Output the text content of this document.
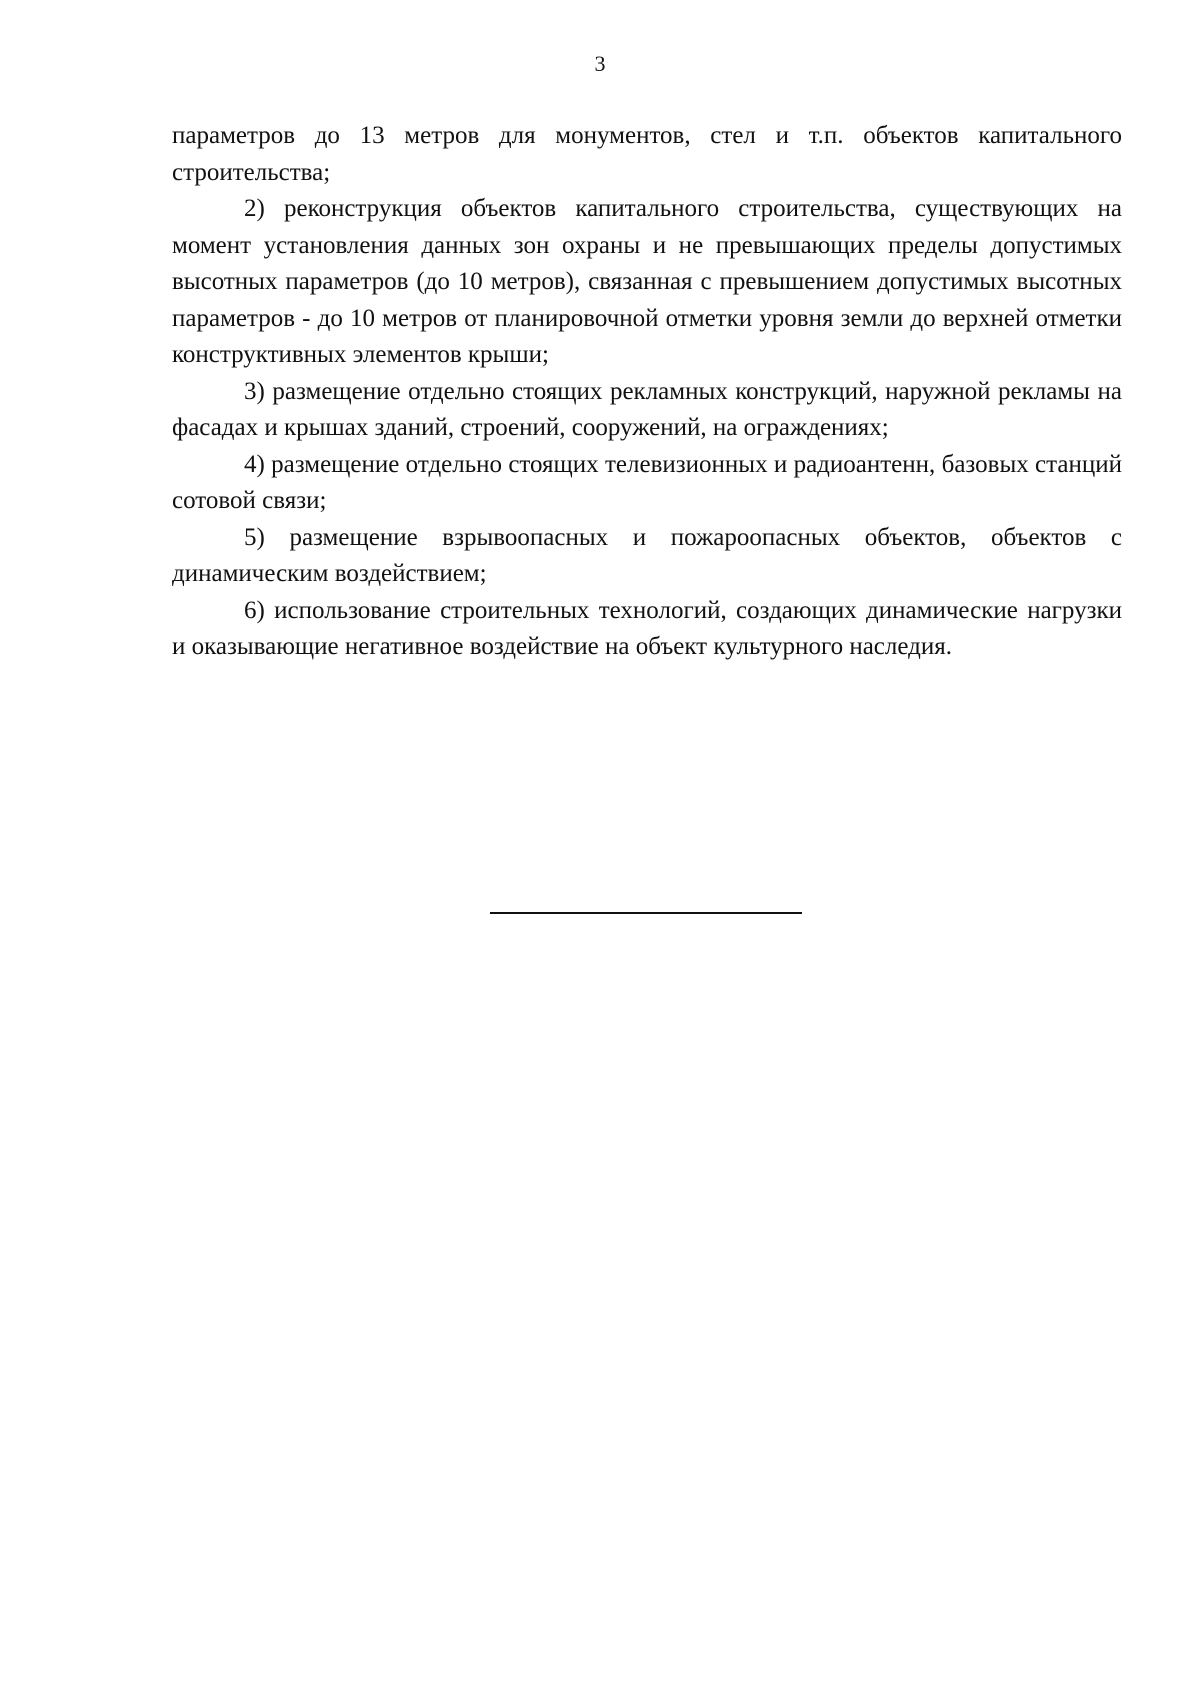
3

параметров до 13 метров для монументов, стел и т.п. объектов капитального строительства;

2) реконструкция объектов капитального строительства, существующих на момент установления данных зон охраны и не превышающих пределы допустимых высотных параметров (до 10 метров), связанная с превышением допустимых высотных параметров - до 10 метров от планировочной отметки уровня земли до верхней отметки конструктивных элементов крыши;

3) размещение отдельно стоящих рекламных конструкций, наружной рекламы на фасадах и крышах зданий, строений, сооружений, на ограждениях;

4) размещение отдельно стоящих телевизионных и радиоантенн, базовых станций сотовой связи;

5) размещение взрывоопасных и пожароопасных объектов, объектов с динамическим воздействием;

6) использование строительных технологий, создающих динамические нагрузки и оказывающие негативное воздействие на объект культурного наследия.
